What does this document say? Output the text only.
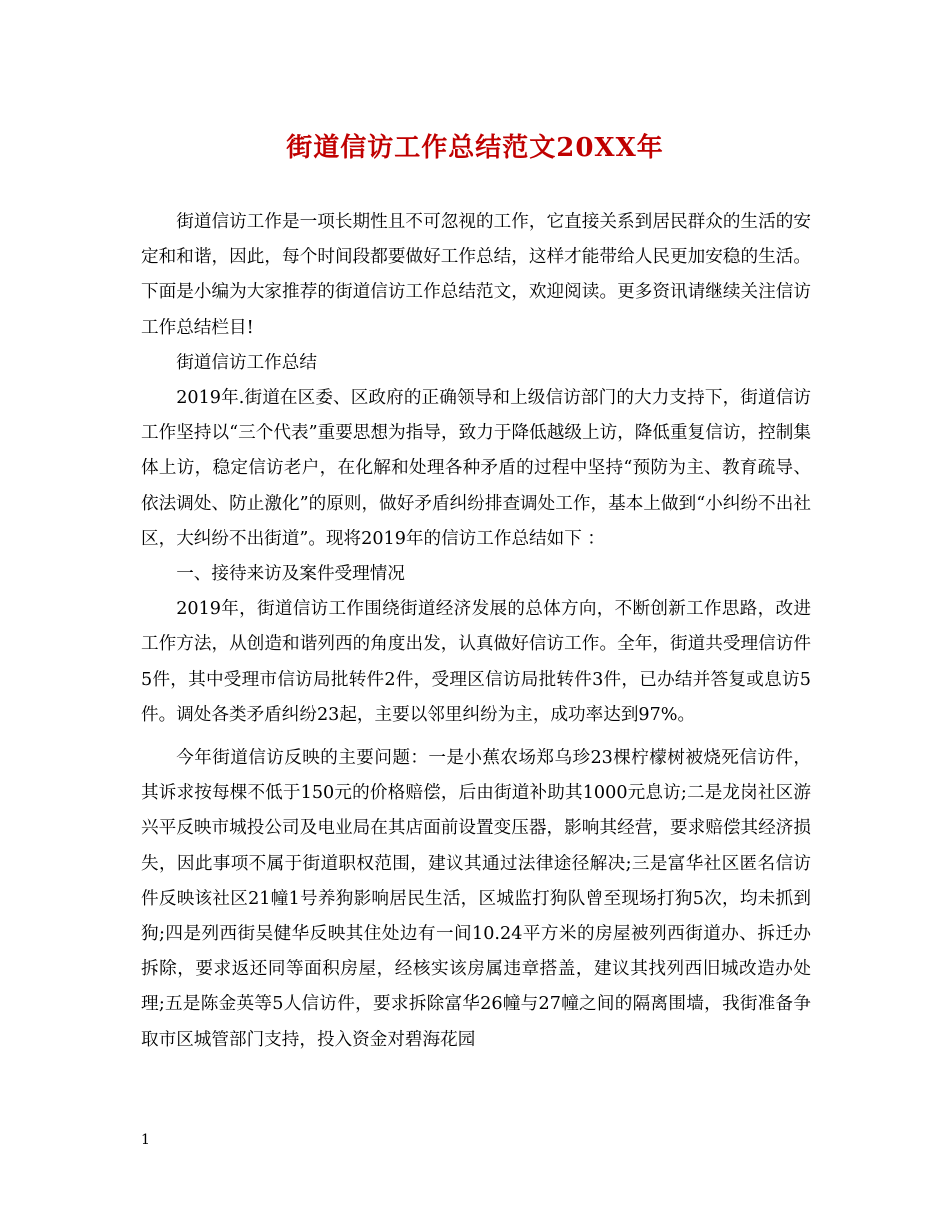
街道信访工作总结范文20XX年

街道信访工作是一项长期性且不可忽视的工作，它直接关系到居民群众的生活的安定和和谐，因此，每个时间段都要做好工作总结，这样才能带给人民更加安稳的生活。下面是小编为大家推荐的街道信访工作总结范文，欢迎阅读。更多资讯请继续关注信访工作总结栏目!

街道信访工作总结

2019年.街道在区委、区政府的正确领导和上级信访部门的大力支持下，街道信访工作坚持以“三个代表”重要思想为指导，致力于降低越级上访，降低重复信访，控制集体上访，稳定信访老户，在化解和处理各种矛盾的过程中坚持“预防为主、教育疏导、依法调处、防止激化”的原则，做好矛盾纠纷排查调处工作，基本上做到“小纠纷不出社区，大纠纷不出街道”。现将2019年的信访工作总结如下 ：

一、接待来访及案件受理情况

2019年，街道信访工作围绕街道经济发展的总体方向，不断创新工作思路，改进工作方法，从创造和谐列西的角度出发，认真做好信访工作。全年，街道共受理信访件5件，其中受理市信访局批转件2件，受理区信访局批转件3件，已办结并答复或息访5件。调处各类矛盾纠纷23起，主要以邻里纠纷为主，成功率达到97%。

今年街道信访反映的主要问题：一是小蕉农场郑乌珍23棵柠檬树被烧死信访件，其诉求按每棵不低于150元的价格赔偿，后由街道补助其1000元息访;二是龙岗社区游兴平反映市城投公司及电业局在其店面前设置变压器，影响其经营，要求赔偿其经济损失，因此事项不属于街道职权范围，建议其通过法律途径解决;三是富华社区匿名信访件反映该社区21幢1号养狗影响居民生活，区城监打狗队曾至现场打狗5次，均未抓到狗;四是列西街吴健华反映其住处边有一间10.24平方米的房屋被列西街道办、拆迁办拆除，要求返还同等面积房屋，经核实该房属违章搭盖，建议其找列西旧城改造办处理;五是陈金英等5人信访件，要求拆除富华26幢与27幢之间的隔离围墙，我街准备争取市区城管部门支持，投入资金对碧海花园

1
